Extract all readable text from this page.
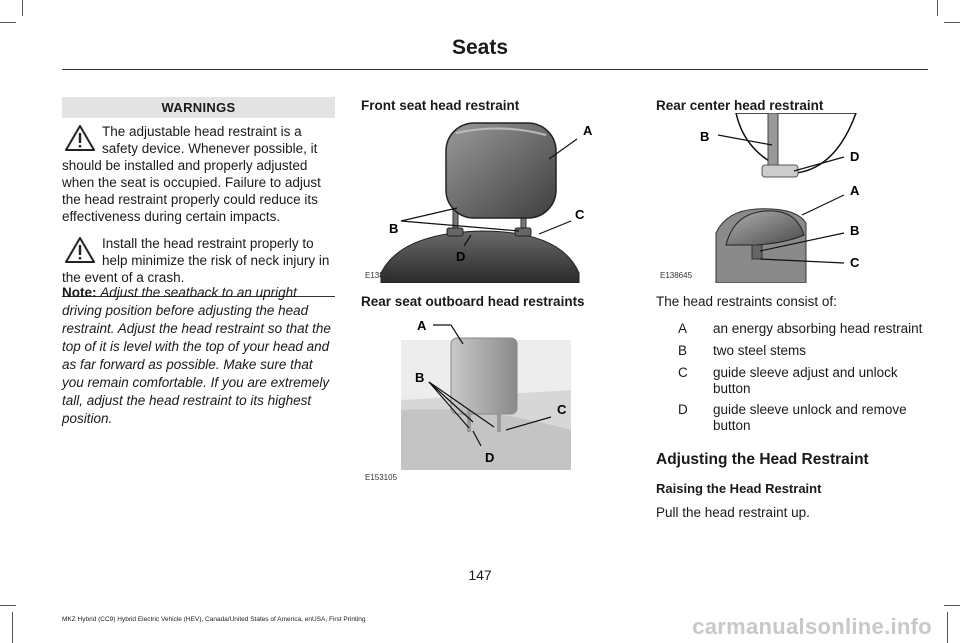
Seats
WARNINGS

The adjustable head restraint is a safety device. Whenever possible, it should be installed and properly adjusted when the seat is occupied. Failure to adjust the head restraint properly could reduce its effectiveness during certain impacts.

Install the head restraint properly to help minimize the risk of neck injury in the event of a crash.

Note: Adjust the seatback to an upright driving position before adjusting the head restraint. Adjust the head restraint so that the top of it is level with the top of your head and as far forward as possible. Make sure that you remain comfortable. If you are extremely tall, adjust the head restraint to its highest position.
Front seat head restraint
A
B
C
D
E138642
Rear seat outboard head restraints
A
B
C
D
E153105
Rear center head restraint
B
D
A
B
C
E138645
The head restraints consist of:
A an energy absorbing head restraint
B two steel stems
C guide sleeve adjust and unlock button
D guide sleeve unlock and remove button
Adjusting the Head Restraint
Raising the Head Restraint
Pull the head restraint up.
147
MKZ Hybrid (CC9) Hybrid Electric Vehicle (HEV), Canada/United States of America, enUSA, First Printing	carmanualsonline.info
